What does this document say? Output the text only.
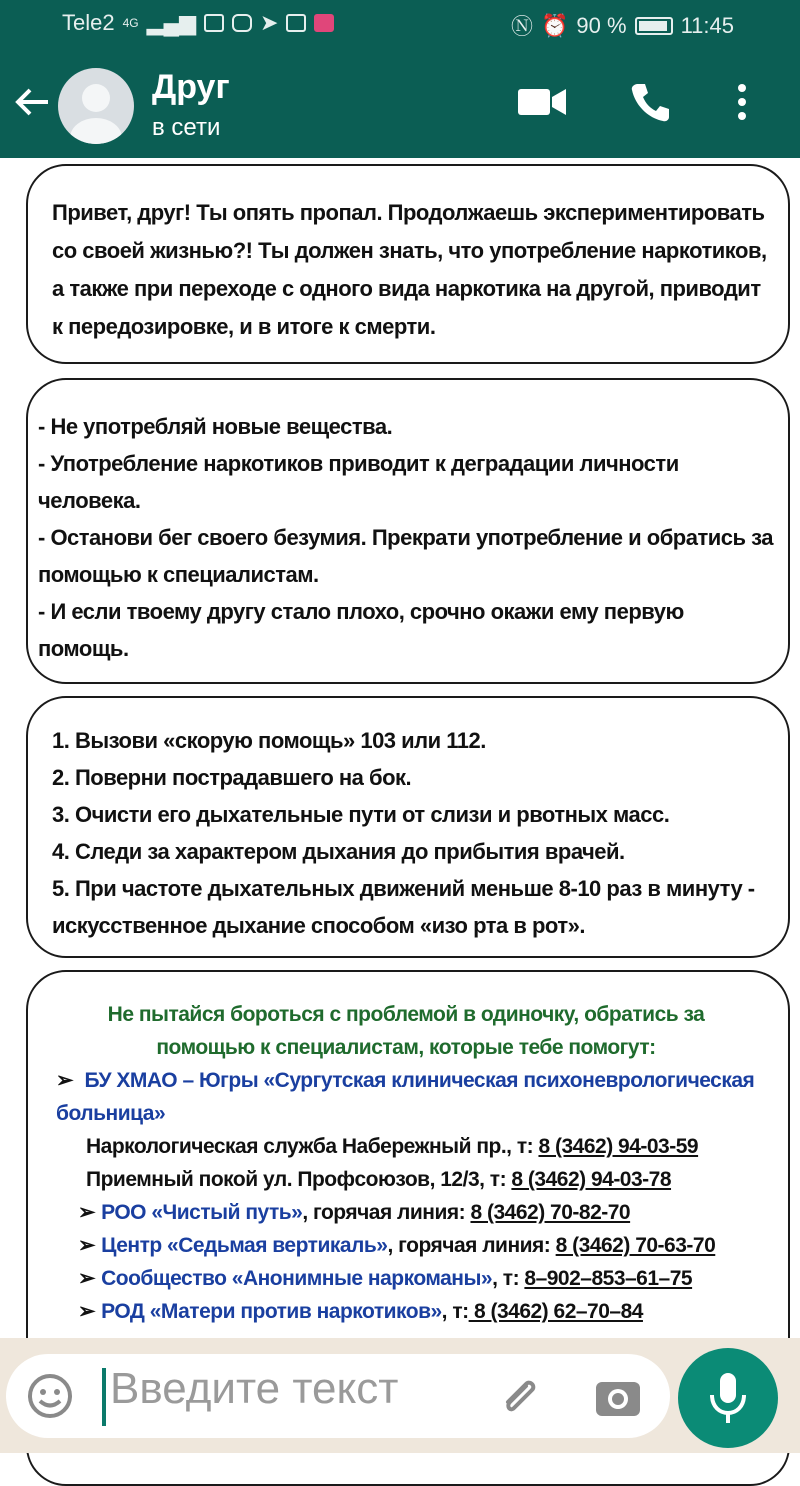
Tele2 4G ▂▄▆	➤	Ⓝ ⏰ 90 % 11:45
Друг
в сети
Привет, друг! Ты опять пропал. Продолжаешь экспериментировать со своей жизнью?! Ты должен знать, что употребление наркотиков, а также при переходе с одного вида наркотика на другой, приводит к передозировке, и в итоге к смерти.
- Не употребляй новые вещества.
- Употребление наркотиков приводит к деградации личности человека.
- Останови бег своего безумия. Прекрати употребление и обратись за помощью к специалистам.
- И если твоему другу стало плохо, срочно окажи ему первую помощь.
1. Вызови «скорую помощь» 103 или 112.
2. Поверни пострадавшего на бок.
3. Очисти его дыхательные пути от слизи и рвотных масс.
4. Следи за характером дыхания до прибытия врачей.
5. При частоте дыхательных движений меньше 8-10 раз в минуту - искусственное дыхание способом «изо рта в рот».
Не пытайся бороться с проблемой в одиночку, обратись за помощью к специалистам, которые тебе помогут:
➢ БУ ХМАО – Югры «Сургутская клиническая психоневрологическая больница»
Наркологическая служба Набережный пр., т: 8 (3462) 94-03-59
Приемный покой ул. Профсоюзов, 12/3, т: 8 (3462) 94-03-78
➢ РОО «Чистый путь», горячая линия: 8 (3462) 70-82-70
➢ Центр «Седьмая вертикаль», горячая линия: 8 (3462) 70-63-70
➢ Сообщество «Анонимные наркоманы», т: 8–902–853–61–75
➢ РОД «Матери против наркотиков», т: 8 (3462) 62–70–84
Введите текст
